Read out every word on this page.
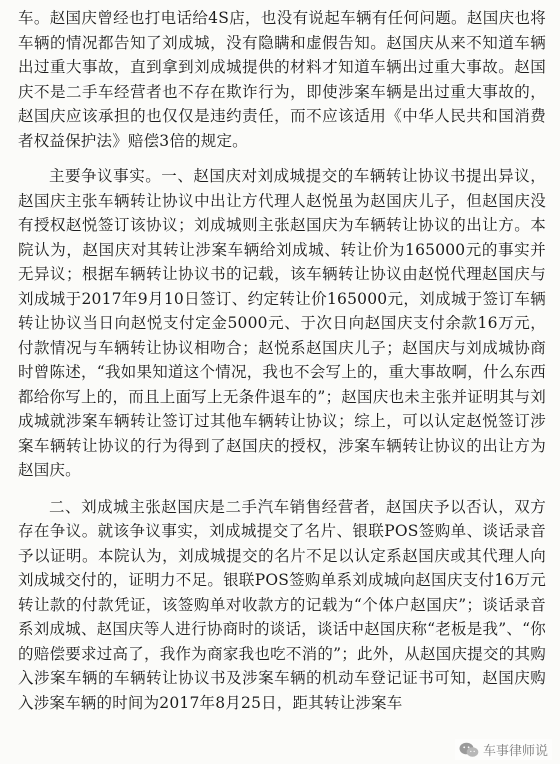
车。赵国庆曾经也打电话给4S店，也没有说起车辆有任何问题。赵国庆也将车辆的情况都告知了刘成城，没有隐瞒和虚假告知。赵国庆从来不知道车辆出过重大事故，直到拿到刘成城提供的材料才知道车辆出过重大事故。赵国庆不是二手车经营者也不存在欺诈行为，即使涉案车辆是出过重大事故的，赵国庆应该承担的也仅仅是违约责任，而不应该适用《中华人民共和国消费者权益保护法》赔偿3倍的规定。

主要争议事实。一、赵国庆对刘成城提交的车辆转让协议书提出异议，赵国庆主张车辆转让协议中出让方代理人赵悦虽为赵国庆儿子，但赵国庆没有授权赵悦签订该协议；刘成城则主张赵国庆为车辆转让协议的出让方。本院认为，赵国庆对其转让涉案车辆给刘成城、转让价为165000元的事实并无异议；根据车辆转让协议书的记载，该车辆转让协议由赵悦代理赵国庆与刘成城于2017年9月10日签订、约定转让价165000元，刘成城于签订车辆转让协议当日向赵悦支付定金5000元、于次日向赵国庆支付余款16万元，付款情况与车辆转让协议相吻合；赵悦系赵国庆儿子；赵国庆与刘成城协商时曾陈述，“我如果知道这个情况，我也不会写上的，重大事故啊，什么东西都给你写上的，而且上面写上无条件退车的”；赵国庆也未主张并证明其与刘成城就涉案车辆转让签订过其他车辆转让协议；综上，可以认定赵悦签订涉案车辆转让协议的行为得到了赵国庆的授权，涉案车辆转让协议的出让方为赵国庆。

二、刘成城主张赵国庆是二手汽车销售经营者，赵国庆予以否认，双方存在争议。就该争议事实，刘成城提交了名片、银联POS签购单、谈话录音予以证明。本院认为，刘成城提交的名片不足以认定系赵国庆或其代理人向刘成城交付的，证明力不足。银联POS签购单系刘成城向赵国庆支付16万元转让款的付款凭证，该签购单对收款方的记载为“个体户赵国庆”；谈话录音系刘成城、赵国庆等人进行协商时的谈话，谈话中赵国庆称“老板是我”、“你的赔偿要求过高了，我作为商家我也吃不消的”；此外，从赵国庆提交的其购入涉案车辆的车辆转让协议书及涉案车辆的机动车登记证书可知，赵国庆购入涉案车辆的时间为2017年8月25日，距其转让涉案车

车事律师说
